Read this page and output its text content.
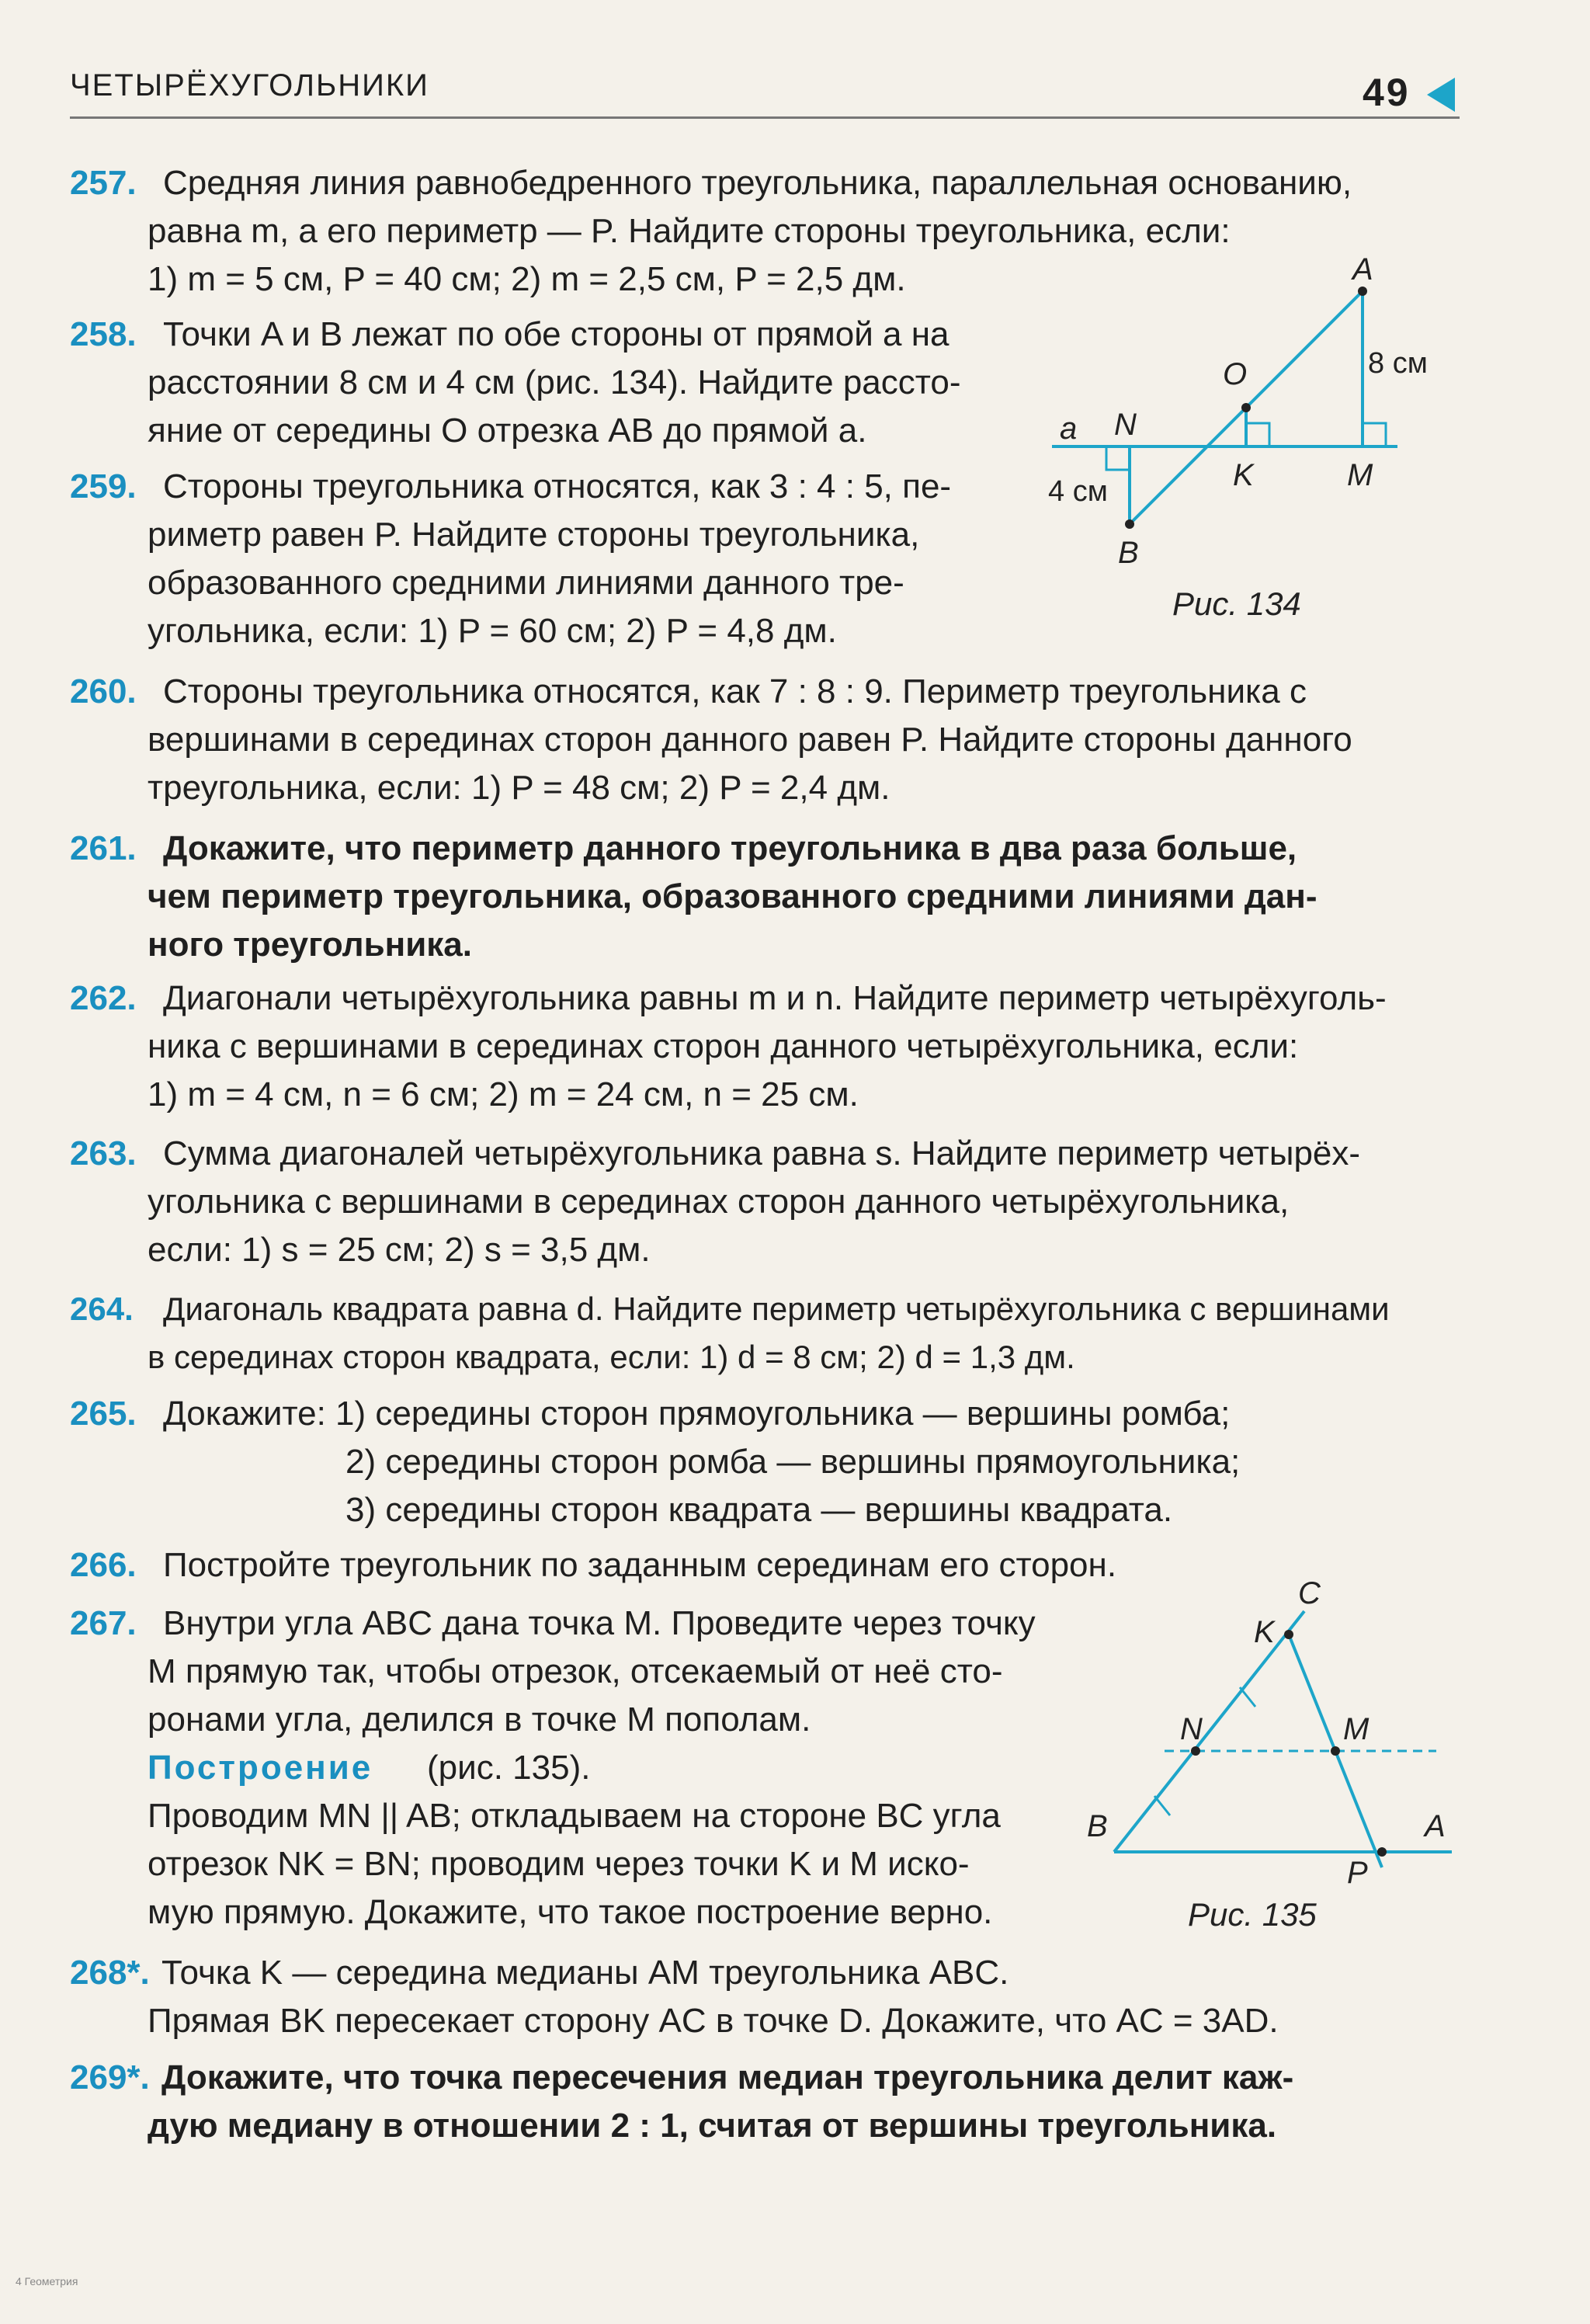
ЧЕТЫРЁХУГОЛЬНИКИ	49
257. Средняя линия равнобедренного треугольника, параллельная основанию,
равна m, а его периметр — P. Найдите стороны треугольника, если:
1) m = 5 см, P = 40 см; 2) m = 2,5 см, P = 2,5 дм.
258. Точки A и B лежат по обе стороны от прямой a на
расстоянии 8 см и 4 см (рис. 134). Найдите рассто-
яние от середины O отрезка AB до прямой a.
259. Стороны треугольника относятся, как 3 : 4 : 5, пе-
риметр равен P. Найдите стороны треугольника,
образованного средними линиями данного тре-
угольника, если: 1) P = 60 см; 2) P = 4,8 дм.
A
B
O
N
K	M
a
8 см
4 см
Рис. 134
260. Стороны треугольника относятся, как 7 : 8 : 9. Периметр треугольника с
вершинами в серединах сторон данного равен P. Найдите стороны данного
треугольника, если: 1) P = 48 см; 2) P = 2,4 дм.
261. Докажите, что периметр данного треугольника в два раза больше,
чем периметр треугольника, образованного средними линиями дан-
ного треугольника.
262. Диагонали четырёхугольника равны m и n. Найдите периметр четырёхуголь-
ника с вершинами в серединах сторон данного четырёхугольника, если:
1) m = 4 см, n = 6 см; 2) m = 24 см, n = 25 см.
263. Сумма диагоналей четырёхугольника равна s. Найдите периметр четырёх-
угольника с вершинами в серединах сторон данного четырёхугольника,
если: 1) s = 25 см; 2) s = 3,5 дм.
264. Диагональ квадрата равна d. Найдите периметр четырёхугольника с вершинами
в серединах сторон квадрата, если: 1) d = 8 см; 2) d = 1,3 дм.
265. Докажите: 1) середины сторон прямоугольника — вершины ромба;
2) середины сторон ромба — вершины прямоугольника;
3) середины сторон квадрата — вершины квадрата.
266. Постройте треугольник по заданным серединам его сторон.
267. Внутри угла ABC дана точка M. Проведите через точку
M прямую так, чтобы отрезок, отсекаемый от неё сто-
ронами угла, делился в точке M пополам.
Построение (рис. 135).
Проводим MN || AB; откладываем на стороне BC угла
отрезок NK = BN; проводим через точки K и M иско-
мую прямую. Докажите, что такое построение верно.
C
K
N	M
B	A
P
Рис. 135
268*. Точка K — середина медианы AM треугольника ABC.
Прямая BK пересекает сторону AC в точке D. Докажите, что AC = 3AD.
269*. Докажите, что точка пересечения медиан треугольника делит каж-
дую медиану в отношении 2 : 1, считая от вершины треугольника.
4 Геометрия
